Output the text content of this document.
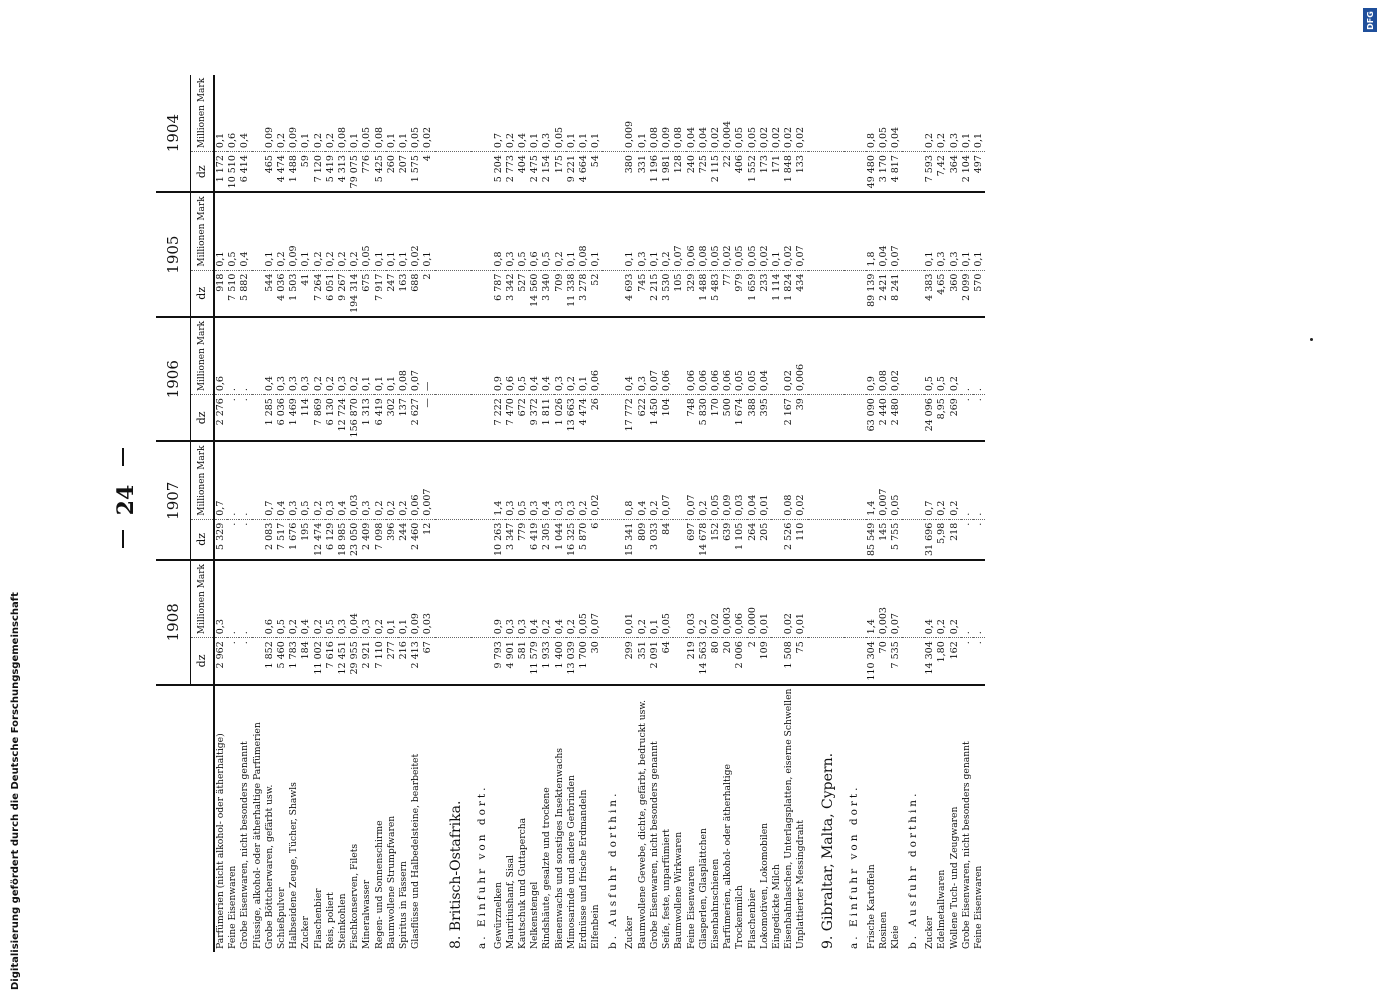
24
	1908		1907		1906		1905		1904	
	dz	Millionen Mark	dz	Millionen Mark	dz	Millionen Mark	dz	Millionen Mark	dz	Millionen Mark
Parfümerien (nicht alkohol- oder ätherhaltige)	2 962	0,3	5 329	0,7	2 276	0,6	918	0,1	1 172	0,1
Feine Eisenwaren	.	.	.	.	.	.	7 510	0,5	10 510	0,6
Grobe Eisenwaren, nicht besonders genannt	.	.	.	.	.	.	5 882	0,4	6 414	0,4
Flüssige, alkohol- oder ätherhaltige Parfümerien										
Grobe Böttcherwaren, gefärbt usw.	1 852	0,6	2 083	0,7	1 285	0,4	544	0,1	465	0,09
Schießpulver	5 460	0,5	7 517	0,4	6 036	0,3	4 036	0,2	4 474	0,2
Halbseidene Zeuge, Tücher, Shawls	1 783	0,2	1 676	0,3	1 469	0,3	1 503	0,09	1 488	0,09
Zucker	184	0,4	195	0,5	114	0,3	41	0,1	59	0,1
Flaschenbier	11 002	0,2	12 474	0,2	7 869	0,2	7 264	0,2	7 120	0,2
Reis, poliert	7 616	0,5	6 129	0,3	6 130	0,2	6 051	0,2	5 419	0,2
Steinkohlen	12 451	0,3	18 985	0,4	12 724	0,3	9 267	0,2	4 313	0,08
Fischkonserven, Filets	29 955	0,04	23 050	0,03	156 870	0,2	194 314	0,2	79 075	0,1
Mineralwasser	2 921	0,3	2 409	0,3	1 313	0,1	675	0,05	776	0,05
Regen- und Sonnenschirme	7 110	0,2	7 098	0,2	6 419	0,1	7 917	0,1	5 425	0,08
Baumwollene Strumpfwaren	277	0,1	396	0,2	302	0,1	247	0,1	260	0,1
Spiritus in Fässern	216	0,1	244	0,2	137	0,08	163	0,1	207	0,1
Glasflüsse und Halbedelsteine, bearbeitet	2 413	0,09	2 460	0,06	2 627	0,07	688	0,02	1 575	0,05
	67	0,03	12	0,007	—	—	2	0,1	4	0,02
8. Britisch-Ostafrika.										
a. Einfuhr von dort.										
Gewürznelken	9 793	0,9	10 263	1,4	7 222	0,9	6 787	0,8	5 204	0,7
Mauritiushanf, Sisal	4 901	0,3	3 347	0,3	7 470	0,6	3 342	0,3	2 773	0,2
Kautschuk und Guttapercha	581	0,3	779	0,5	672	0,5	527	0,5	404	0,4
Nelkenstengel	11 579	0,4	6 419	0,3	9 372	0,4	14 560	0,6	2 475	0,1
Rindshäute, gesalzte und trockene	1 933	0,2	2 305	0,4	1 811	0,4	3 340	0,5	2 154	0,3
Bienenwachs und sonstiges Insektenwachs	1 400	0,4	1 044	0,3	1 026	0,3	709	0,2	175	0,05
Mimosarinde und andere Gerbrinden	13 039	0,2	16 325	0,3	13 663	0,2	11 338	0,1	9 221	0,1
Erdnüsse und frische Erdmandeln	1 700	0,05	5 870	0,2	4 474	0,1	3 278	0,08	4 664	0,1
Elfenbein	30	0,07	6	0,02	26	0,06	52	0,1	54	0,1
b. Ausfuhr dorthin.										
Zucker	299	0,01	15 341	0,8	17 772	0,4	4 693	0,1	380	0,009
Baumwollene Gewebe, dichte, gefärbt, bedruckt usw.	351	0,2	809	0,4	622	0,3	745	0,3	331	0,1
Grobe Eisenwaren, nicht besonders genannt	2 091	0,1	3 033	0,2	1 450	0,07	2 215	0,1	1 196	0,08
Seife, feste, unparfümiert	64	0,05	84	0,07	104	0,06	3 530	0,2	1 981	0,09
Baumwollene Wirkwaren							105	0,07	128	0,08
Feine Eisenwaren	219	0,03	697	0,07	748	0,06	329	0,06	240	0,04
Glasperlen, Glasplättchen	14 563	0,2	14 678	0,2	5 830	0,06	1 488	0,08	725	0,04
Eisenbahnschienen	80	0,02	152	0,05	170	0,06	5 483	0,05	2 115	0,02
Parfümerien, alkohol- oder ätherhaltige	20	0,003	639	0,09	500	0,06	77	0,02	22	0,004
Trockenmilch	2 006	0,06	1 105	0,03	1 674	0,05	979	0,05	406	0,05
Flaschenbier	2	0,000	264	0,04	388	0,05	1 659	0,05	1 552	0,05
Lokomotiven, Lokomobilen	109	0,01	205	0,01	395	0,04	233	0,02	173	0,02
Eingedickte Milch							1 114	0,1	171	0,02
Eisenbahnlaschen, Unterlagsplatten, eiserne Schwellen	1 508	0,02	2 526	0,08	2 167	0,02	1 824	0,02	1 848	0,02
Unplattierter Messingdraht	75	0,01	110	0,02	39	0,006	434	0,07	133	0,02
9. Gibraltar, Malta, Cypern.										
a. Einfuhr von dort.										
Frische Kartoffeln	110 304	1,4	85 549	1,4	63 090	0,9	89 139	1,8	49 480	0,8
Rosinen	70	0,003	145	0,007	2 440	0,08	2 421	0,04	3 170	0,05
Kleie	7 535	0,07	5 755	0,05	2 480	0,02	8 241	0,07	4 817	0,04
b. Ausfuhr dorthin.										
Zucker	14 304	0,4	31 696	0,7	24 096	0,5	4 383	0,1	7 593	0,2
Edelmetallwaren	1,80	0,2	5,98	0,2	8,95	0,5	4,65	0,3	7,42	0,2
Wollene Tuch- und Zeugwaren	162	0,2	218	0,2	269	0,2	360	0,3	364	0,3
Grobe Eisenwaren, nicht besonders genannt	.	.	.	.	.	.	2 099	0,1	2 104	0,1
Feine Eisenwaren	.	.	.	.	.	.	570	0,1	497	0,1
Digitalisierung gefördert durch die Deutsche Forschungsgemeinschaft
DFG
